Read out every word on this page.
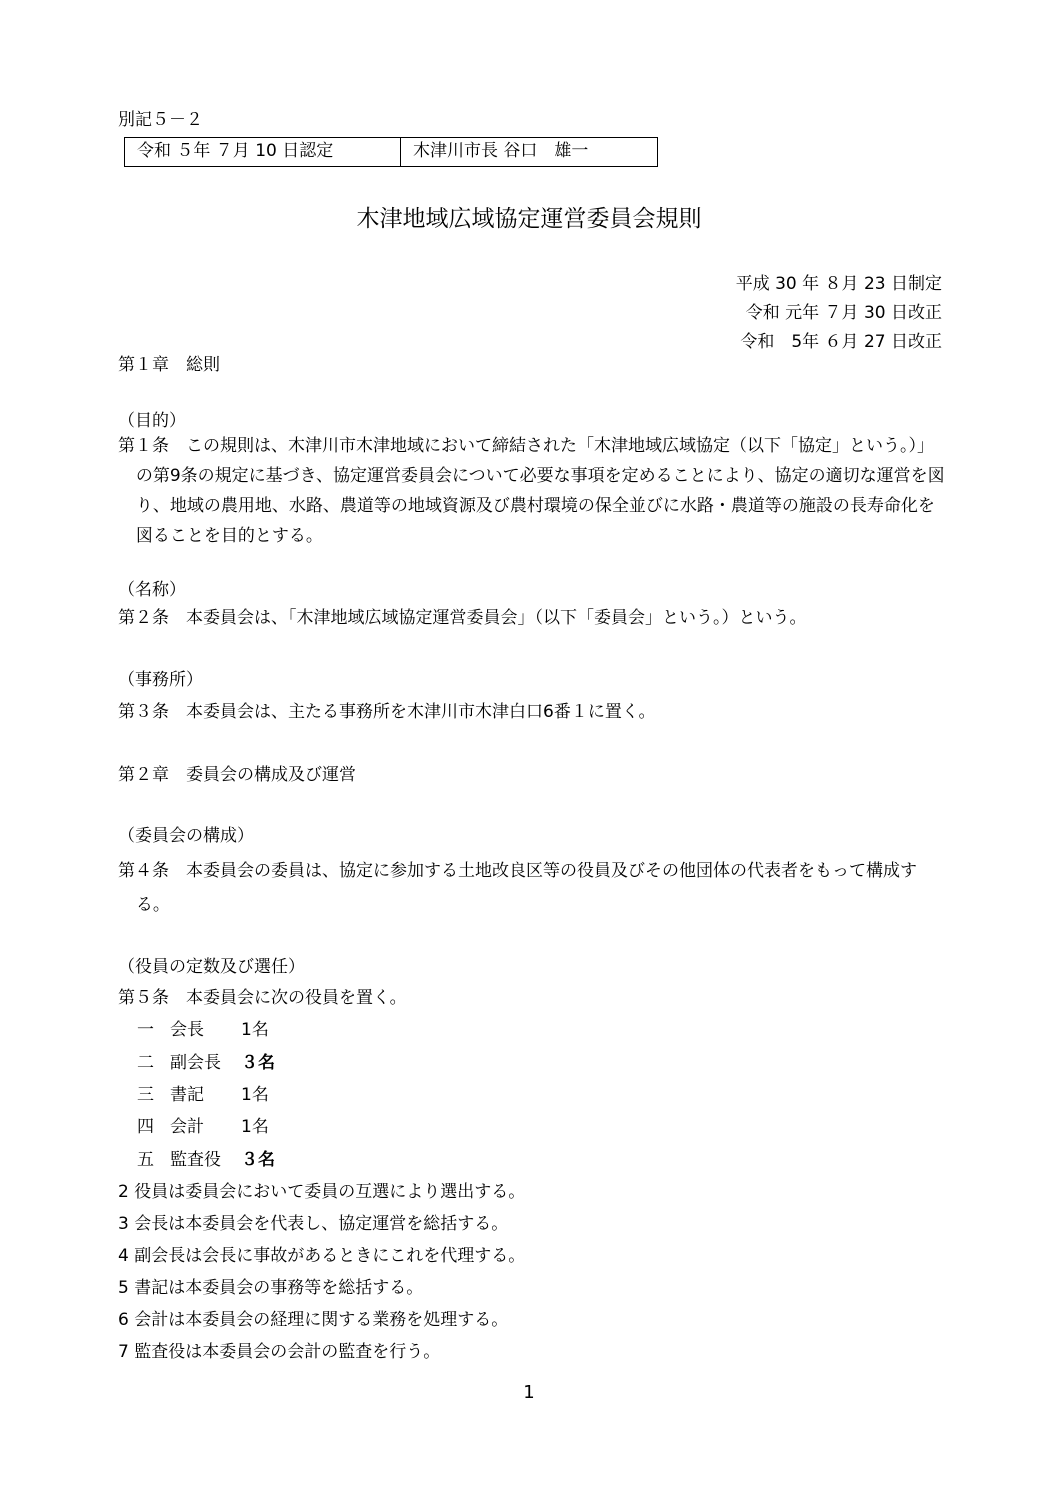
別記５－２
令和 ５年 ７月 10 日認定	木津川市長 谷口　雄一
木津地域広域協定運営委員会規則
平成 30 年 ８月 23 日制定
令和 元年 ７月 30 日改正
令和　5年 ６月 27 日改正
第１章　総則
（目的）
第１条　この規則は、木津川市木津地域において締結された「木津地域広域協定（以下「協定」という。）」の第9条の規定に基づき、協定運営委員会について必要な事項を定めることにより、協定の適切な運営を図り、地域の農用地、水路、農道等の地域資源及び農村環境の保全並びに水路・農道等の施設の長寿命化を図ることを目的とする。
（名称）
第２条　本委員会は、「木津地域広域協定運営委員会」（以下「委員会」という。）という。
（事務所）
第３条　本委員会は、主たる事務所を木津川市木津白口6番１に置く。
第２章　委員会の構成及び運営
（委員会の構成）
第４条　本委員会の委員は、協定に参加する土地改良区等の役員及びその他団体の代表者をもって構成する。
（役員の定数及び選任）
第５条　本委員会に次の役員を置く。
一 会長 1名
二 副会長 ３名
三 書記 1名
四 会計 1名
五 監査役 ３名
2 役員は委員会において委員の互選により選出する。
3 会長は本委員会を代表し、協定運営を総括する。
4 副会長は会長に事故があるときにこれを代理する。
5 書記は本委員会の事務等を総括する。
6 会計は本委員会の経理に関する業務を処理する。
7 監査役は本委員会の会計の監査を行う。
1
